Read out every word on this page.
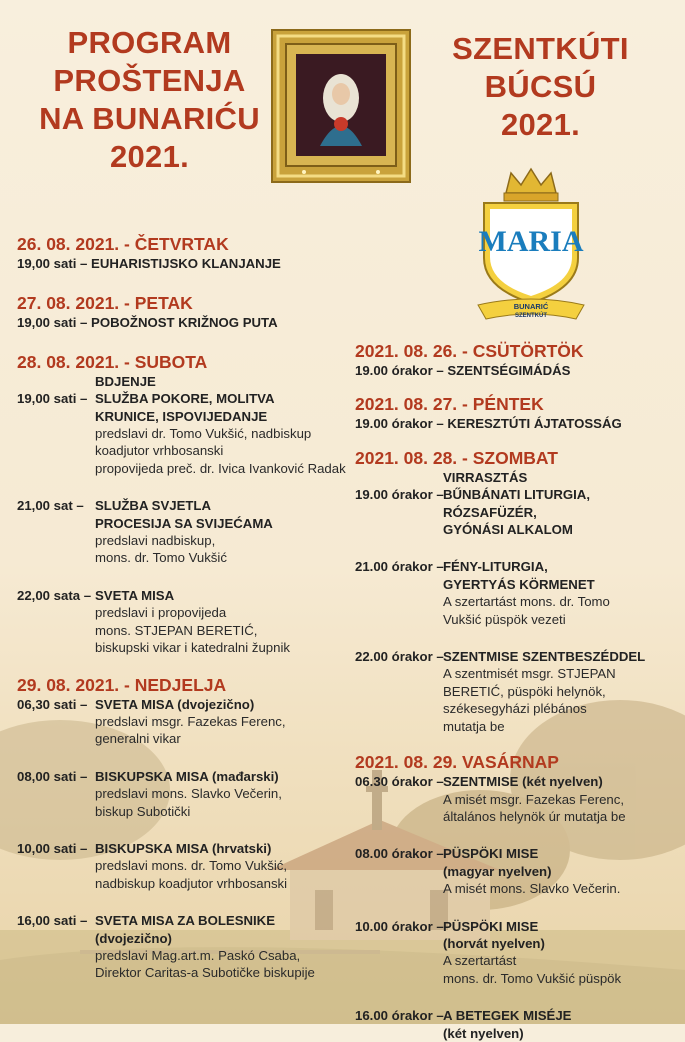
PROGRAM
PROŠTENJA
NA BUNARIĆU
2021.
SZENTKÚTI
BÚCSÚ
2021.
MARIA
BUNARIĆ
SZENTKÚT
26. 08. 2021. - ČETVRTAK
19,00 sati – EUHARISTIJSKO KLANJANJE
27. 08. 2021. - PETAK
19,00 sati – POBOŽNOST KRIŽNOG PUTA
28. 08. 2021. - SUBOTA
BDJENJE
19,00 sati – SLUŽBA POKORE, MOLITVA
KRUNICE, ISPOVIJEDANJE
predslavi dr. Tomo Vukšić, nadbiskup
koadjutor vrhbosanski
propovijeda preč. dr. Ivica Ivanković Radak
21,00 sat – SLUŽBA SVJETLA
PROCESIJA SA SVIJEĆAMA
predslavi nadbiskup,
mons. dr. Tomo Vukšić
22,00 sata – SVETA MISA
predslavi i propovijeda
mons. STJEPAN BERETIĆ,
biskupski vikar i katedralni župnik
29. 08. 2021. - NEDJELJA
06,30 sati – SVETA MISA (dvojezično)
predslavi msgr. Fazekas Ferenc,
generalni vikar
08,00 sati – BISKUPSKA MISA (mađarski)
predslavi mons. Slavko Večerin,
biskup Subotički
10,00 sati – BISKUPSKA MISA (hrvatski)
predslavi mons. dr. Tomo Vukšić,
nadbiskup koadjutor vrhbosanski
16,00 sati – SVETA MISA ZA BOLESNIKE
(dvojezično)
predslavi Mag.art.m. Paskó Csaba,
Direktor Caritas-a Subotičke biskupije
2021. 08. 26. - CSÜTÖRTÖK
19.00 órakor – SZENTSÉGIMÁDÁS
2021. 08. 27. - PÉNTEK
19.00 órakor – KERESZTÚTI ÁJTATOSSÁG
2021. 08. 28. - SZOMBAT
VIRRASZTÁS
19.00 órakor – BŰNBÁNATI LITURGIA,
RÓZSAFÜZÉR,
GYÓNÁSI ALKALOM
21.00 órakor – FÉNY-LITURGIA,
GYERTYÁS KÖRMENET
A szertartást mons. dr. Tomo
Vukšić püspök vezeti
22.00 órakor – SZENTMISE SZENTBESZÉDDEL
A szentmisét msgr. STJEPAN
BERETIĆ, püspöki helynök,
székesegyházi plébános
mutatja be
2021. 08. 29. VASÁRNAP
06.30 órakor – SZENTMISE (két nyelven)
A misét msgr. Fazekas Ferenc,
általános helynök úr mutatja be
08.00 órakor – PÜSPÖKI MISE
(magyar nyelven)
A misét mons. Slavko Večerin.
10.00 órakor – PÜSPÖKI MISE
(horvát nyelven)
A szertartást
mons. dr. Tomo Vukšić püspök
16.00 órakor – A BETEGEK MISÉJE
(két nyelven)
